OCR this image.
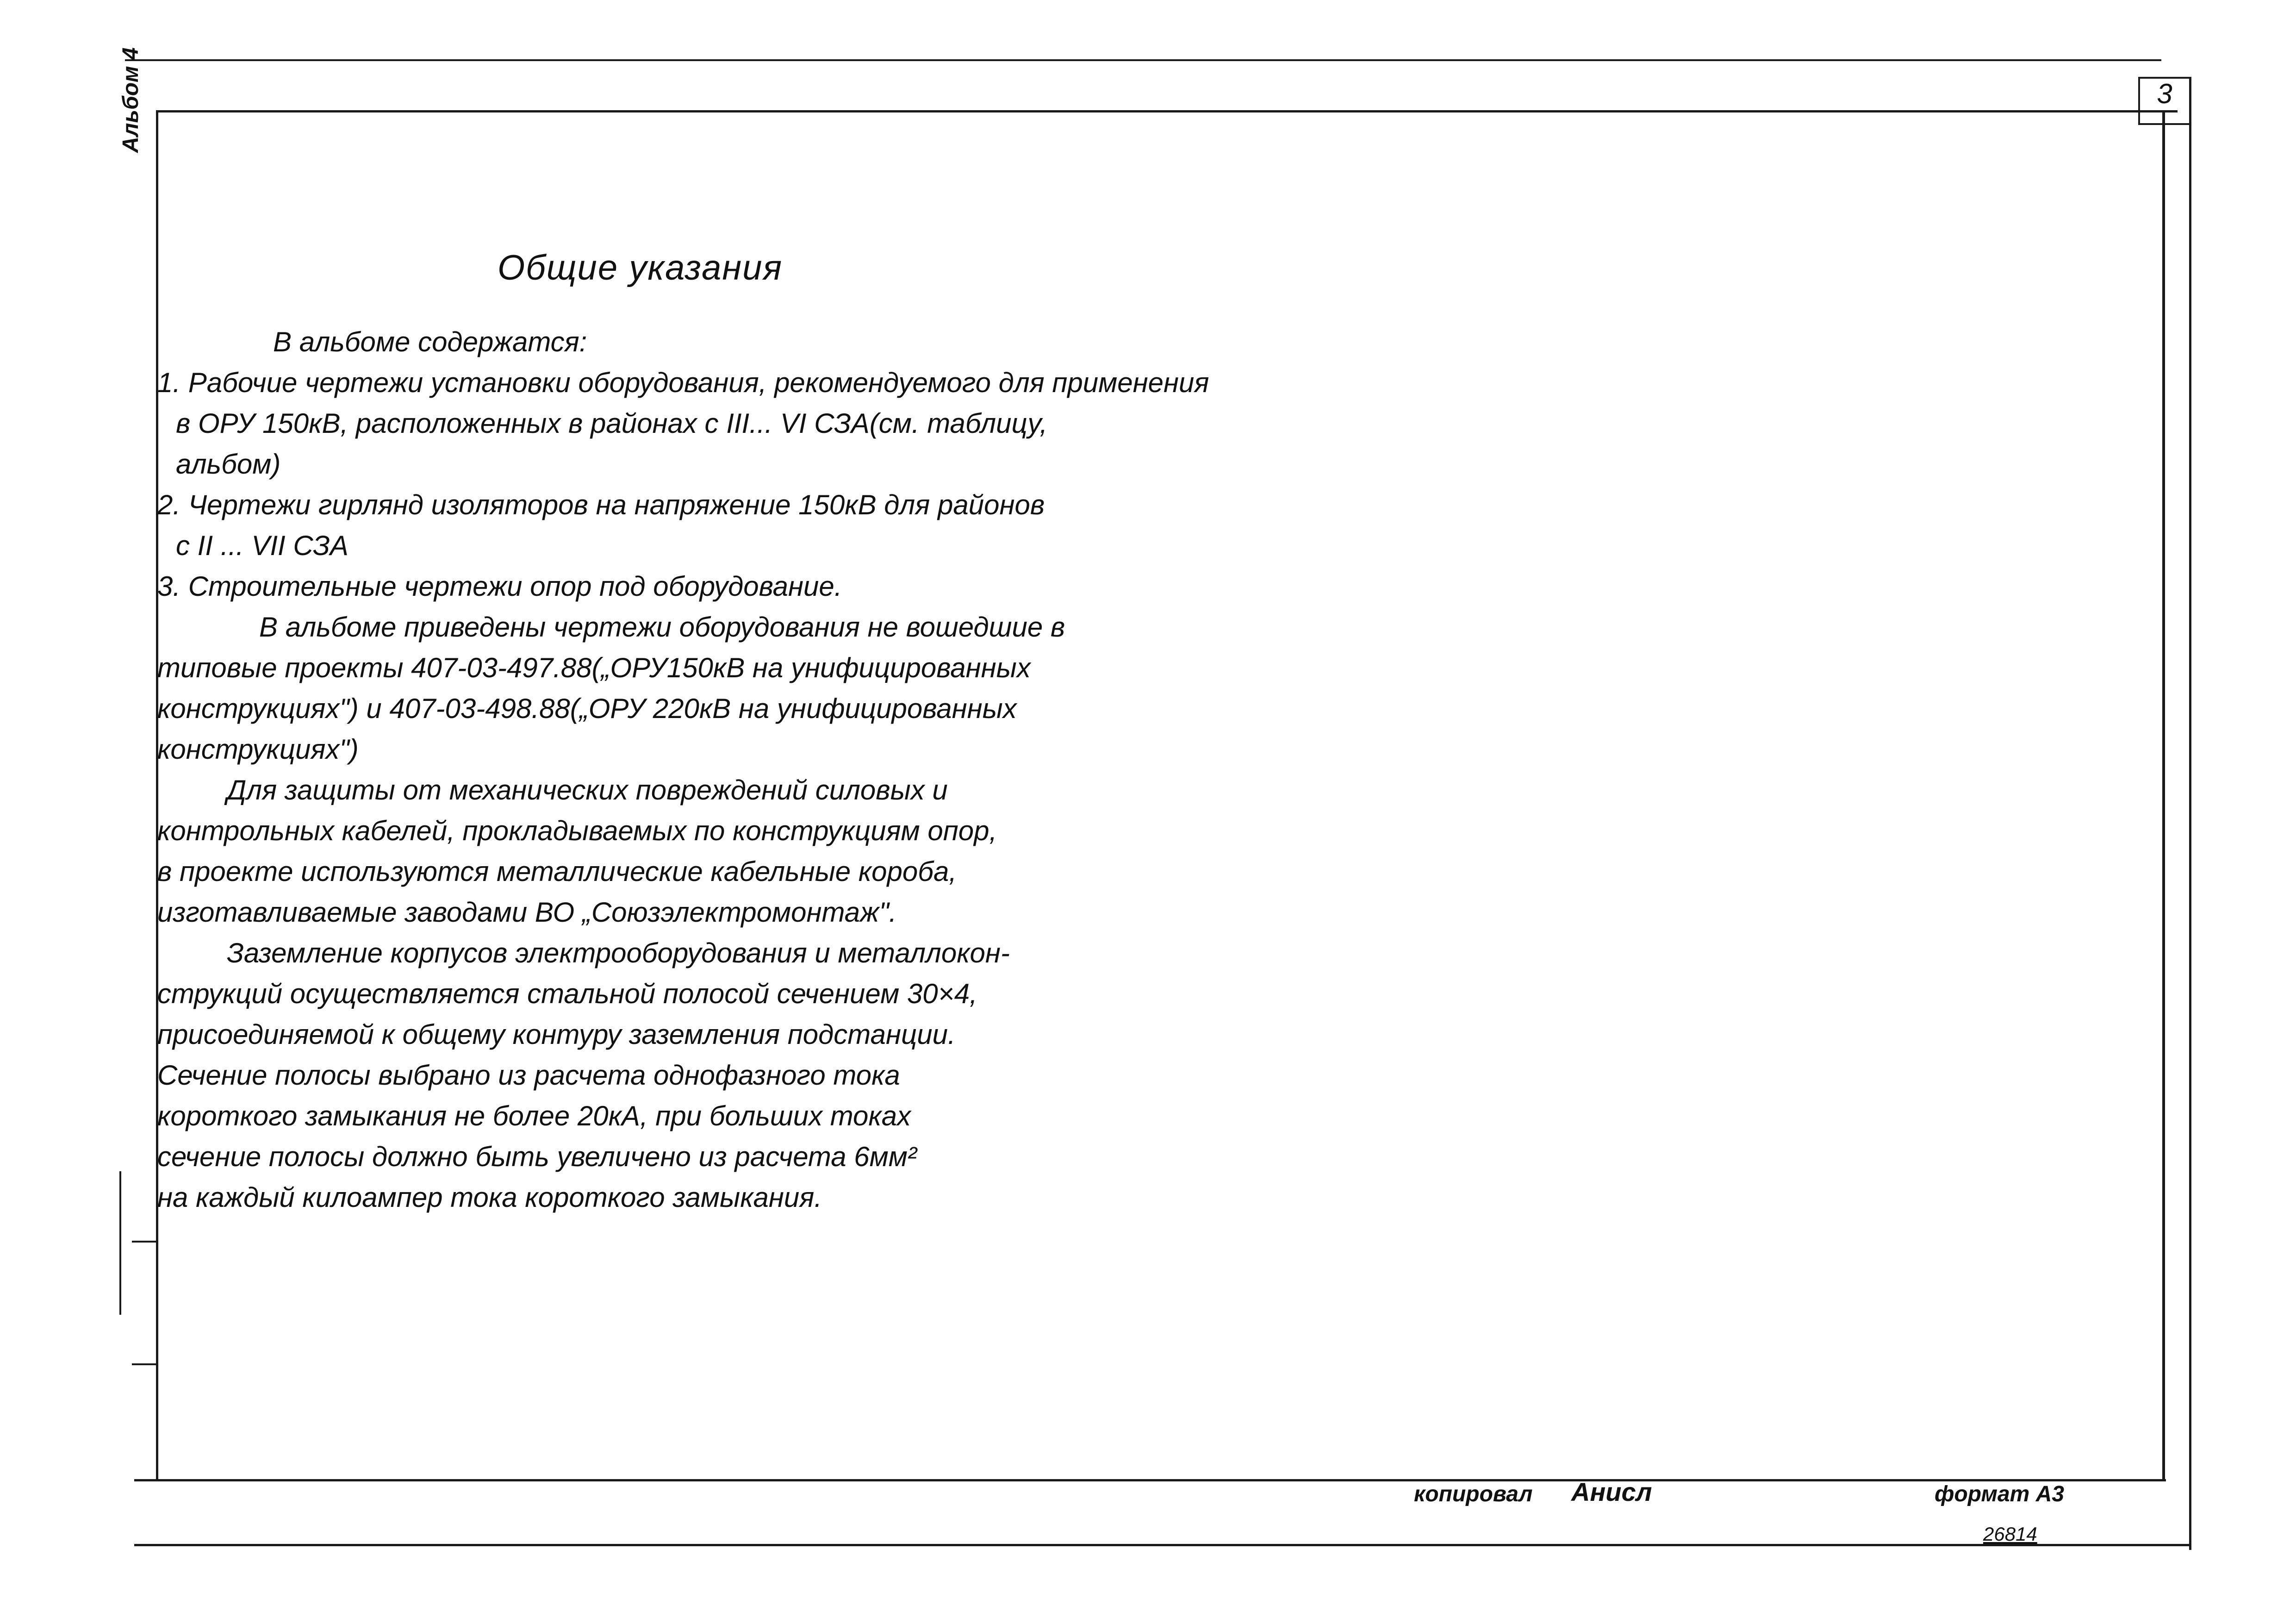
3
Альбом 4
Общие указания
В альбоме содержатся:
1. Рабочие чертежи установки оборудования, рекомендуемого для применения
в ОРУ 150кВ, расположенных в районах с III... VI СЗА(см. таблицу,
альбом)
2. Чертежи гирлянд изоляторов на напряжение 150кВ для районов
с II ... VII СЗА
3. Строительные чертежи опор под оборудование.
В альбоме приведены чертежи оборудования не вошедшие в
типовые проекты 407-03-497.88(„ОРУ150кВ на унифицированных
конструкциях") и 407-03-498.88(„ОРУ 220кВ на унифицированных
конструкциях")
Для защиты от механических повреждений силовых и
контрольных кабелей, прокладываемых по конструкциям опор,
в проекте используются металлические кабельные короба,
изготавливаемые заводами ВО „Союзэлектромонтаж".
Заземление корпусов электрооборудования и металлокон-
струкций осуществляется стальной полосой сечением 30×4,
присоединяемой к общему контуру заземления подстанции.
Сечение полосы выбрано из расчета однофазного тока
короткого замыкания не более 20кА, при больших токах
сечение полосы должно быть увеличено из расчета 6мм²
на каждый килоампер тока короткого замыкания.
копировал Анисл	формат А3
26814
